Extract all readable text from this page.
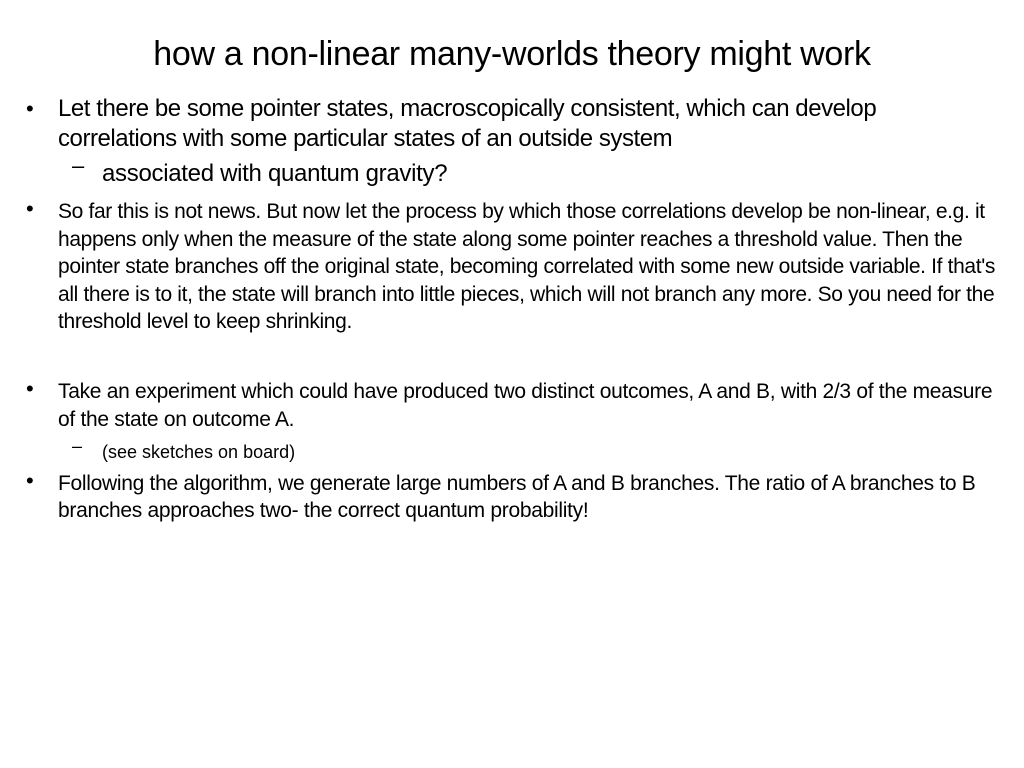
how a non-linear many-worlds theory might work
• Let there be some pointer states, macroscopically consistent, which can develop correlations with some particular states of an outside system
– associated with quantum gravity?
• So far this is not news. But now let the process by which those correlations develop be non-linear, e.g. it happens only when the measure of the state along some pointer reaches a threshold value. Then the pointer state branches off the original state, becoming correlated with some new outside variable. If that's all there is to it, the state will branch into little pieces, which will not branch any more. So you need for the threshold level to keep shrinking.
• Take an experiment which could have produced two distinct outcomes, A and B, with 2/3 of the measure of the state on outcome A.
– (see sketches on board)
• Following the algorithm, we generate large numbers of A and B branches. The ratio of A branches to B branches approaches two- the correct quantum probability!
